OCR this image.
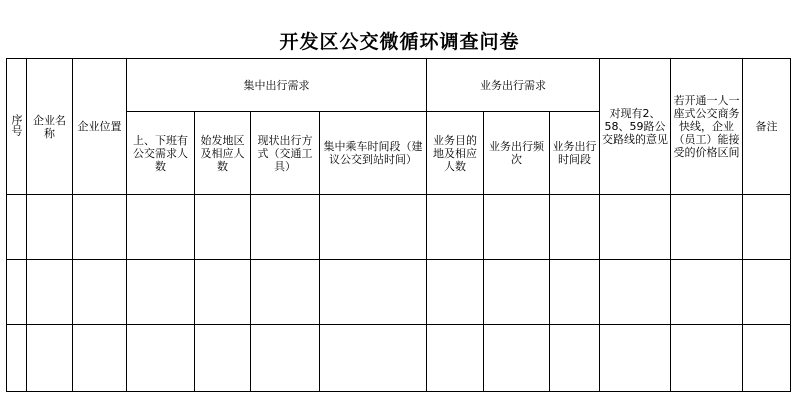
开发区公交微循环调查问卷
序号	企业名称	企业位置	集中出行需求				业务出行需求			对现有2、58、59路公交路线的意见	若开通一人一座式公交商务快线，企业（员工）能接受的价格区间	备注
			上、下班有公交需求人数	始发地区及相应人数	现状出行方式（交通工具）	集中乘车时间段（建议公交到站时间）	业务目的地及相应人数	业务出行频次	业务出行时间段			
